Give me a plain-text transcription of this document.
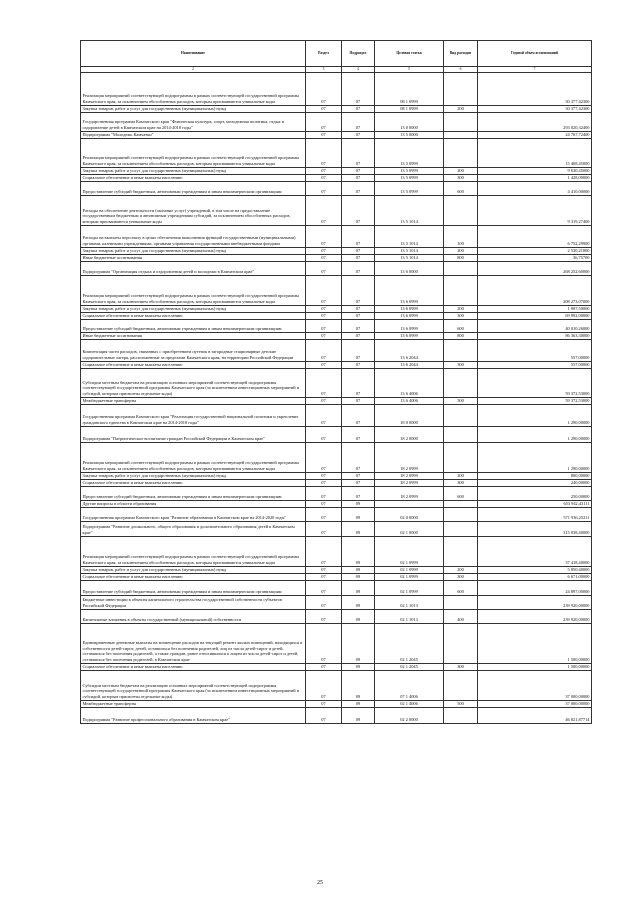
Наименование	Раздел	Подраздел	Целевая статья	Вид расходов	Годовой объем ассигнований
2	3	4	5	6	7
Реализация мероприятий соответствующей подпрограммы в рамках соответствующей государственной программы Камчатского края, за исключением обособленных расходов, которым присваиваются уникальные коды	07	07	08 1 0999		30 377,42300
Закупка товаров, работ и услуг для государственных (муниципальных) нужд	07	07	08 1 0999	200	30 377,42300
Государственная программа Камчатского края "Физическая культура, спорт, молодежная политика, отдых и оздоровление детей в Камчатском крае на 2014-2018 годы"	07	07	13 0 0000		293 020,32400
Подпрограмма "Молодежь Камчатки"	07	07	13 5 0000		24 767,72400
Реализация мероприятий соответствующей подпрограммы в рамках соответствующей государственной программы Камчатского края, за исключением обособленных расходов, которым присваиваются уникальные коды	07	07	13 5 0999		15 468,45000
Закупка товаров, работ и услуг для государственных (муниципальных) нужд	07	07	13 5 0999	200	9 630,45000
Социальное обеспечение и иные выплаты населению	07	07	13 5 0999	300	1 428,00000
Предоставление субсидий бюджетным, автономным учреждениям и иным некоммерческим организациям	07	07	13 5 0999	600	4 410,00000
Расходы на обеспечение деятельности (оказание услуг) учреждений, в том числе на предоставление государственным бюджетным и автономным учреждениям субсидий, за исключением обособленных расходов, которым присваиваются уникальные коды	07	07	13 5 1014		9 319,27400
Расходы на выплаты персоналу в целях обеспечения выполнения функций государственными (муниципальными) органами, казенными учреждениями, органами управления государственными внебюджетными фондами	07	07	13 5 1014	100	6 752,29900
Закупка товаров, работ и услуг для государственных (муниципальных) нужд	07	07	13 5 1014	200	2 530,21800
Иные бюджетные ассигнования	07	07	13 5 1014	800	36,75700
Подпрограмма "Организация отдыха и оздоровления детей и молодежи в Камчатском крае"	07	07	13 6 0000		268 252,60000
Реализация мероприятий соответствующей подпрограммы в рамках соответствующей государственной программы Камчатского края, за исключением обособленных расходов, которым присваиваются уникальные коды	07	07	13 6 0999		208 273,07000
Закупка товаров, работ и услуг для государственных (муниципальных) нужд	07	07	13 6 0999	200	1 907,50000
Социальное обеспечение и иные выплаты населению	07	07	13 6 0999	300	69 992,00000
Предоставление субсидий бюджетным, автономным учреждениям и иным некоммерческим организациям	07	07	13 6 0999	600	40 010,26000
Иные бюджетные ассигнования	07	07	13 6 0999	800	86 363,30000
Компенсация части расходов, связанных с приобретением путевок в загородные стационарные детские оздоровительные лагеря, расположенные за пределами Камчатского края, на территории Российской Федерации	07	07	13 6 2044		557,00000
Социальное обеспечение и иные выплаты населению	07	07	13 6 2044	300	557,00000
Субсидии местным бюджетам на реализацию основных мероприятий соответствующей подпрограммы соответствующей государственной программы Камчатского края (за исключением инвестиционных мероприятий и субсидий, которым присвоены отдельные коды)	07	07	13 6 4006		59 372,53000
Межбюджетные трансферты	07	07	13 6 4006	500	59 372,53000
Государственная программа Камчатского края "Реализация государственной национальной политики и укрепление гражданского единства в Камчатском крае на 2014-2018 годы"	07	07	18 0 0000		1 290,00000
Подпрограмма "Патриотическое воспитание граждан Российской Федерации в Камчатском крае"	07	07	18 2 0000		1 290,00000
Реализация мероприятий соответствующей подпрограммы в рамках соответствующей государственной программы Камчатского края, за исключением обособленных расходов, которым присваиваются уникальные коды	07	07	18 2 0999		1 290,00000
Закупка товаров, работ и услуг для государственных (муниципальных) нужд	07	07	18 2 0999	200	800,00000
Социальное обеспечение и иные выплаты населению	07	07	18 2 0999	300	240,00000
Предоставление субсидий бюджетным, автономным учреждениям и иным некоммерческим организациям	07	07	18 2 0999	600	250,00000
Другие вопросы в области образования	07	09			653 942,43111
Государственная программа Камчатского края "Развитие образования в Камчатском крае на 2014-2020 годы"	07	09	02 0 0000		571 936,25211
Подпрограмма "Развитие дошкольного, общего образования и дополнительного образования детей в Камчатском крае"	07	09	02 1 0000		315 838,40000
Реализация мероприятий соответствующей подпрограммы в рамках соответствующей государственной программы Камчатского края, за исключением обособленных расходов, которым присваиваются уникальные коды	07	09	02 1 0999		37 418,40000
Закупка товаров, работ и услуг для государственных (муниципальных) нужд	07	09	02 1 0999	200	5 850,40000
Социальное обеспечение и иные выплаты населению	07	09	02 1 0999	300	6 671,00000
Предоставление субсидий бюджетным, автономным учреждениям и иным некоммерческим организациям	07	09	02 1 0999	600	24 897,00000
Бюджетные инвестиции в объекты капитального строительства государственной собственности субъектов Российской Федерации	07	09	02 1 1013		239 920,00000
Капитальные вложения в объекты государственной (муниципальной) собственности	07	09	02 1 1013	400	239 920,00000
Единовременные денежные выплаты на возмещение расходов на текущий ремонт жилых помещений, находящихся в собственности детей-сирот, детей, оставшихся без попечения родителей, лиц из числа детей-сирот и детей, оставшихся без попечения родителей, а также граждан, ранее относившихся к лицам из числа детей-сирот и детей, оставшихся без попечения родителей, в Камчатском крае	07	09	02 1 2045		1 500,00000
Социальное обеспечение и иные выплаты населению	07	09	02 1 2045	300	1 500,00000
Субсидии местным бюджетам на реализацию основных мероприятий соответствующей подпрограммы соответствующей государственной программы Камчатского края (за исключением инвестиционных мероприятий и субсидий, которым присвоены отдельные коды)	07	09	07 1 4006		37 000,00000
Межбюджетные трансферты	07	09	02 1 4006	500	37 000,00000
Подпрограмма "Развитие профессионального образования в Камчатском крае"	07	09	02 2 0000		46 821,87714
25
